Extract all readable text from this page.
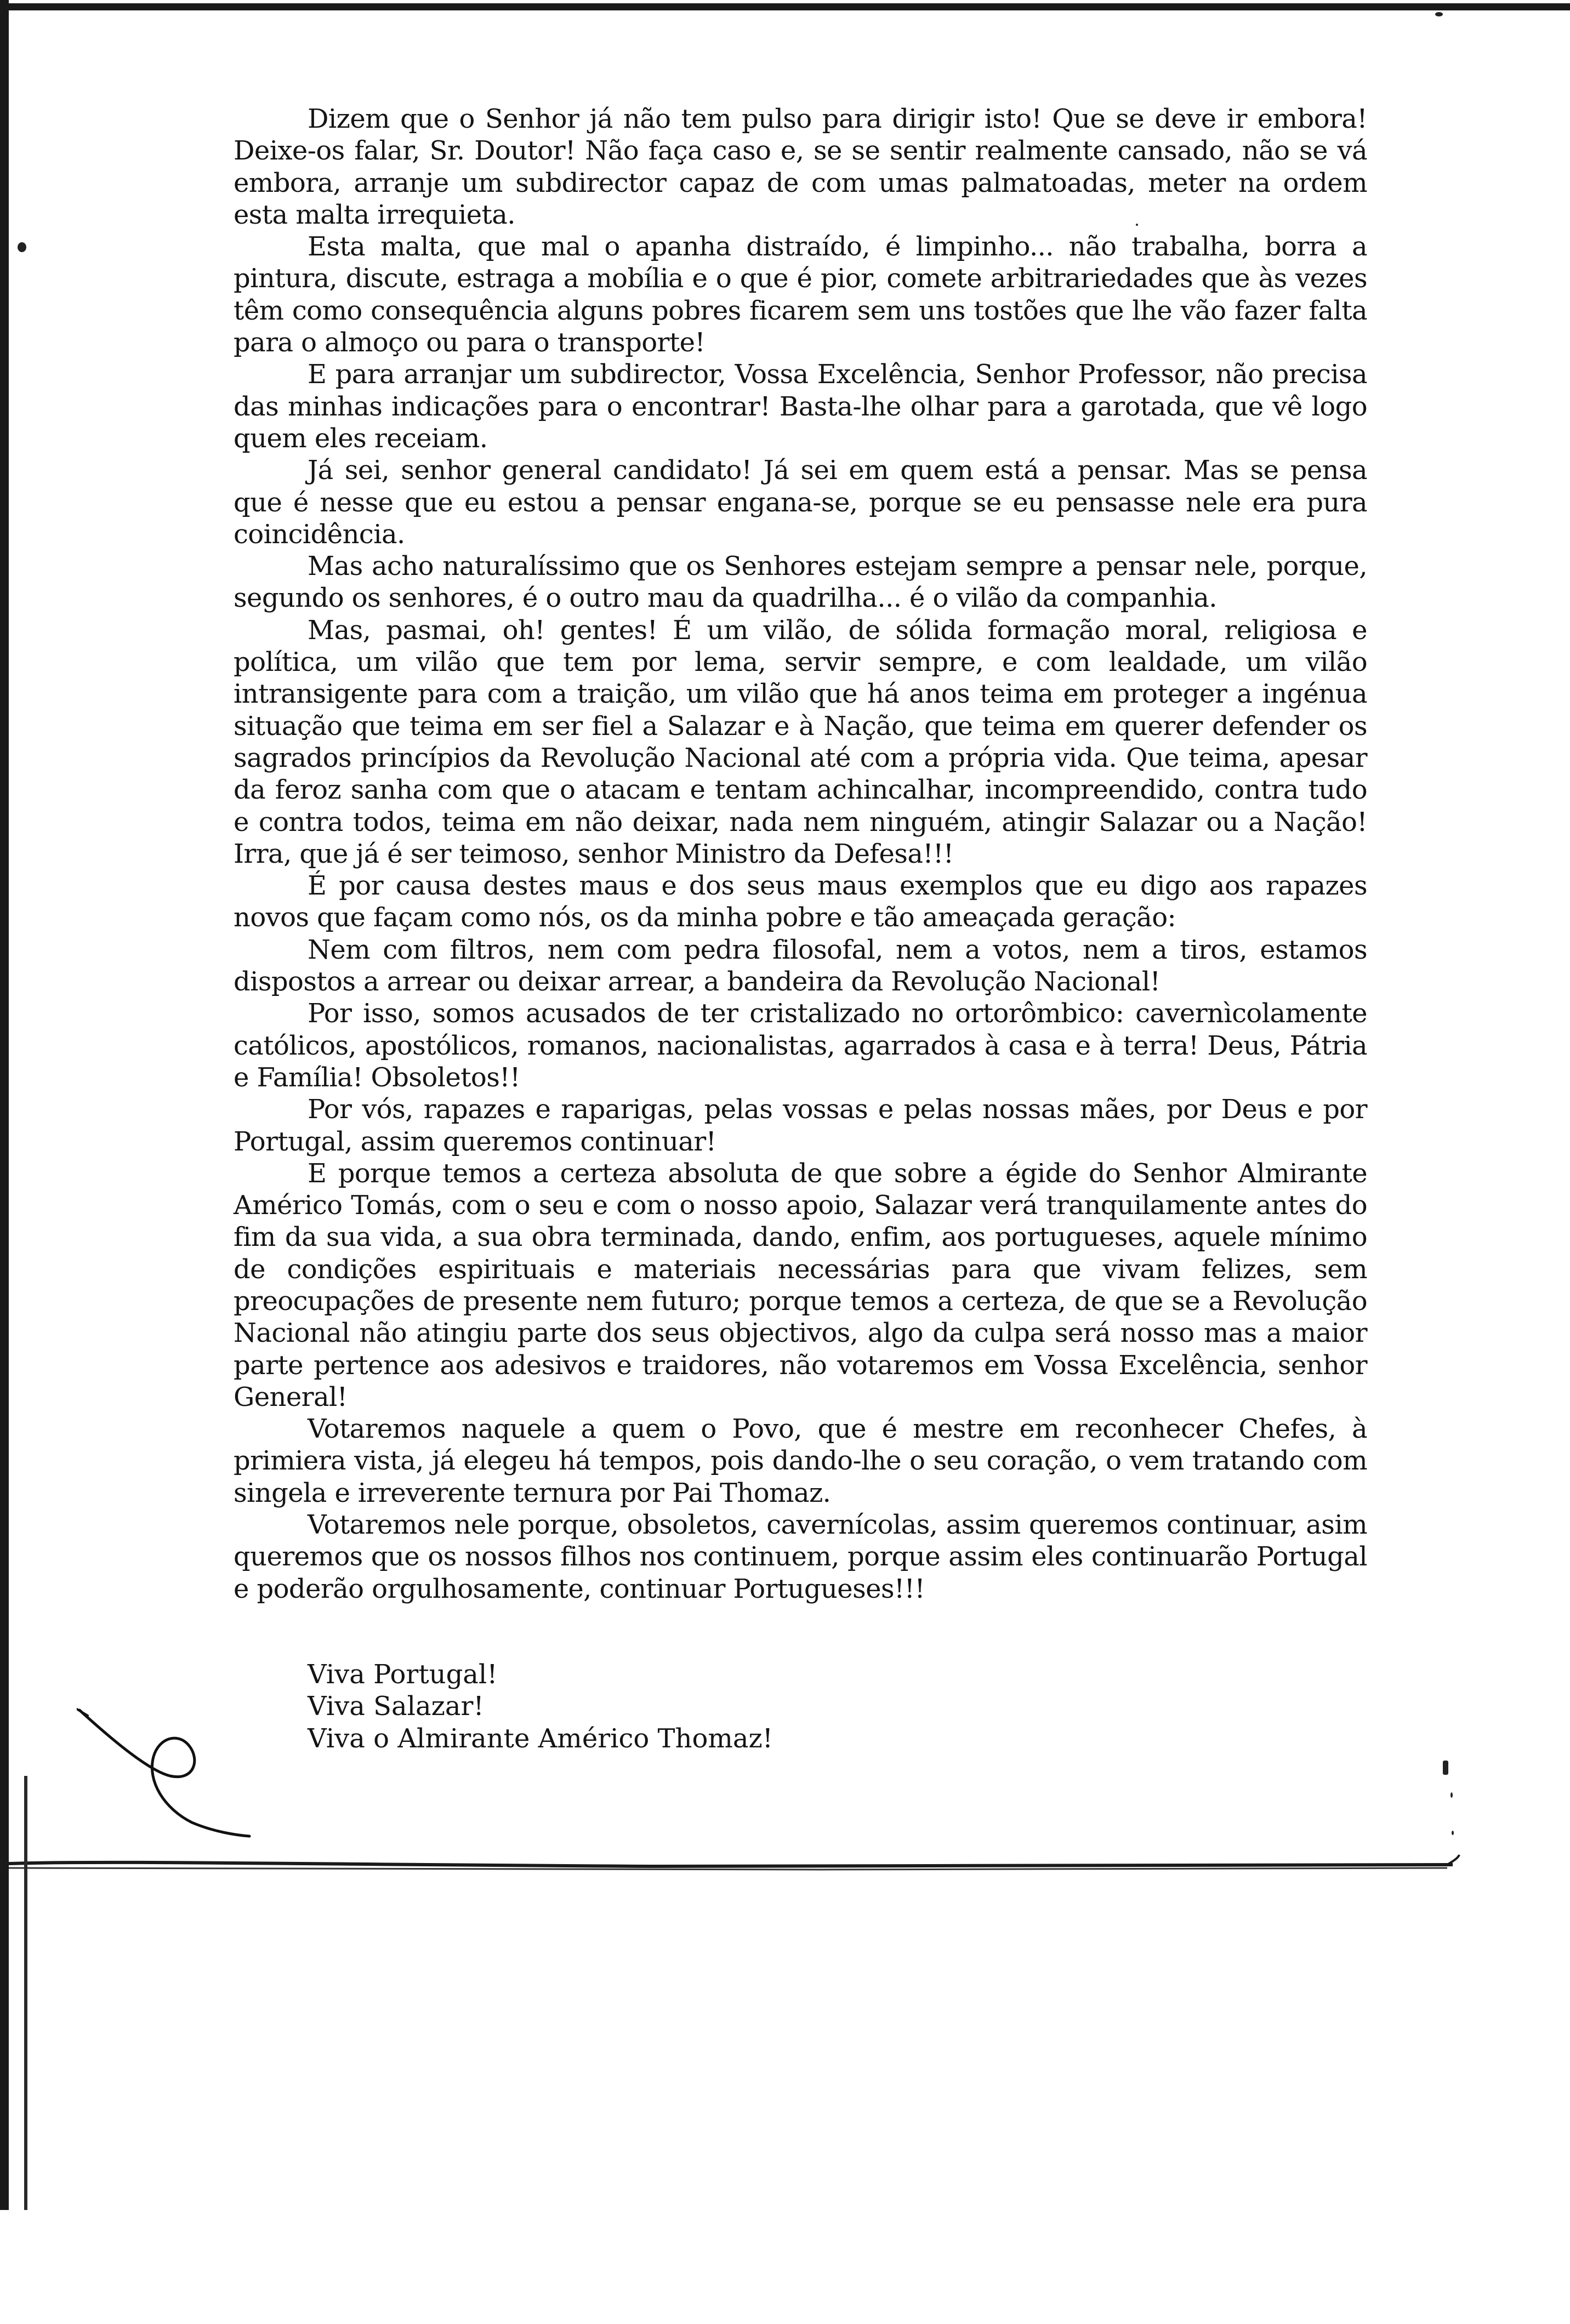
Dizem que o Senhor já não tem pulso para dirigir isto! Que se deve ir embora! Deixe-os falar, Sr. Doutor! Não faça caso e, se se sentir realmente cansado, não se vá embora, arranje um subdirector capaz de com umas palmatoadas, meter na ordem esta malta irrequieta.

Esta malta, que mal o apanha distraído, é limpinho... não trabalha, borra a pintura, discute, estraga a mobília e o que é pior, comete arbitrariedades que às vezes têm como consequência alguns pobres ficarem sem uns tostões que lhe vão fazer falta para o almoço ou para o transporte!

E para arranjar um subdirector, Vossa Excelência, Senhor Professor, não precisa das minhas indicações para o encontrar! Basta-lhe olhar para a garotada, que vê logo quem eles receiam.

Já sei, senhor general candidato! Já sei em quem está a pensar. Mas se pensa que é nesse que eu estou a pensar engana-se, porque se eu pensasse nele era pura coincidência.

Mas acho naturalíssimo que os Senhores estejam sempre a pensar nele, porque, segundo os senhores, é o outro mau da quadrilha... é o vilão da companhia.

Mas, pasmai, oh! gentes! É um vilão, de sólida formação moral, religiosa e política, um vilão que tem por lema, servir sempre, e com lealdade, um vilão intransigente para com a traição, um vilão que há anos teima em proteger a ingénua situação que teima em ser fiel a Salazar e à Nação, que teima em querer defender os sagrados princípios da Revolução Nacional até com a própria vida. Que teima, apesar da feroz sanha com que o atacam e tentam achincalhar, incompreendido, contra tudo e contra todos, teima em não deixar, nada nem ninguém, atingir Salazar ou a Nação! Irra, que já é ser teimoso, senhor Ministro da Defesa!!!

É por causa destes maus e dos seus maus exemplos que eu digo aos rapazes novos que façam como nós, os da minha pobre e tão ameaçada geração:

Nem com filtros, nem com pedra filosofal, nem a votos, nem a tiros, estamos dispostos a arrear ou deixar arrear, a bandeira da Revolução Nacional!

Por isso, somos acusados de ter cristalizado no ortorômbico: cavernìcolamente católicos, apostólicos, romanos, nacionalistas, agarrados à casa e à terra! Deus, Pátria e Família! Obsoletos!!

Por vós, rapazes e raparigas, pelas vossas e pelas nossas mães, por Deus e por Portugal, assim queremos continuar!

E porque temos a certeza absoluta de que sobre a égide do Senhor Almirante Américo Tomás, com o seu e com o nosso apoio, Salazar verá tranquilamente antes do fim da sua vida, a sua obra terminada, dando, enfim, aos portugueses, aquele mínimo de condições espirituais e materiais necessárias para que vivam felizes, sem preocupações de presente nem futuro; porque temos a certeza, de que se a Revolução Nacional não atingiu parte dos seus objectivos, algo da culpa será nosso mas a maior parte pertence aos adesivos e traidores, não votaremos em Vossa Excelência, senhor General!

Votaremos naquele a quem o Povo, que é mestre em reconhecer Chefes, à primiera vista, já elegeu há tempos, pois dando-lhe o seu coração, o vem tratando com singela e irreverente ternura por Pai Thomaz.

Votaremos nele porque, obsoletos, cavernícolas, assim queremos continuar, asim queremos que os nossos filhos nos continuem, porque assim eles continuarão Portugal e poderão orgulhosamente, continuar Portugueses!!!

Viva Portugal!
Viva Salazar!
Viva o Almirante Américo Thomaz!
